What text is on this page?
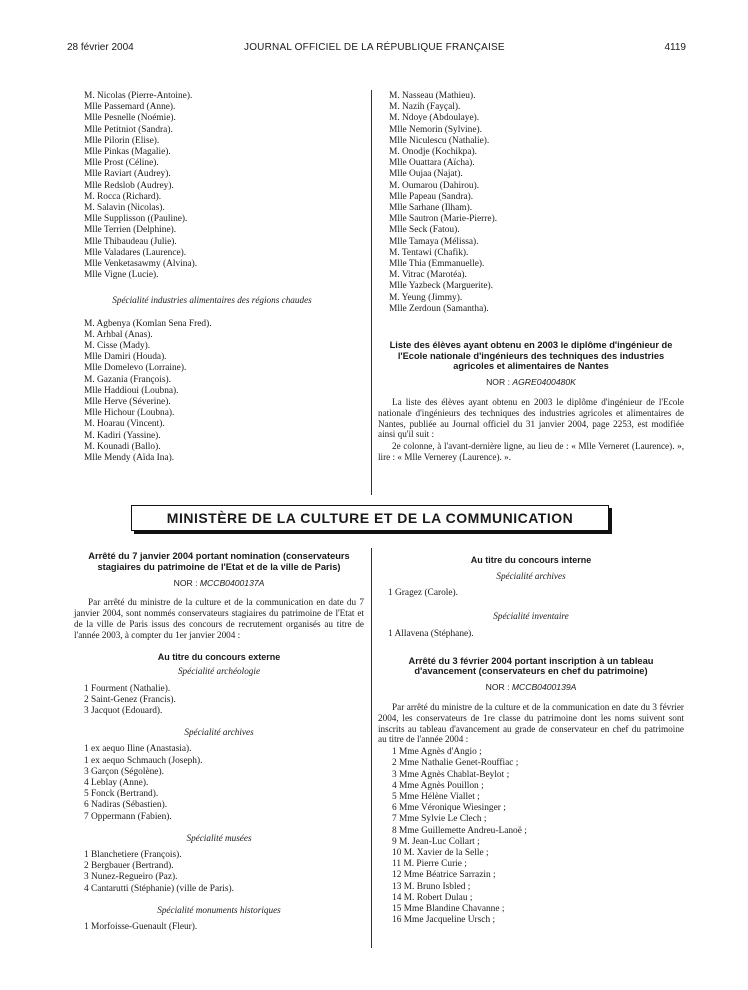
28 février 2004	JOURNAL OFFICIEL DE LA RÉPUBLIQUE FRANÇAISE	4119
M. Nicolas (Pierre-Antoine).
Mlle Passemard (Anne).
Mlle Pesnelle (Noémie).
Mlle Petitniot (Sandra).
Mlle Pilorin (Elise).
Mlle Pinkas (Magalie).
Mlle Prost (Céline).
Mlle Raviart (Audrey).
Mlle Redslob (Audrey).
M. Rocca (Richard).
M. Salavin (Nicolas).
Mlle Supplisson ((Pauline).
Mlle Terrien (Delphine).
Mlle Thibaudeau (Julie).
Mlle Valadares (Laurence).
Mlle Venketasawmy (Alvina).
Mlle Vigne (Lucie).
Spécialité industries alimentaires des régions chaudes
M. Agbenya (Komlan Sena Fred).
M. Arhbal (Anas).
M. Cisse (Mady).
Mlle Damiri (Houda).
Mlle Domelevo (Lorraine).
M. Gazania (François).
Mlle Haddioui (Loubna).
Mlle Herve (Séverine).
Mlle Hichour (Loubna).
M. Hoarau (Vincent).
M. Kadiri (Yassine).
M. Kounadi (Ballo).
Mlle Mendy (Aïda Ina).
M. Nasseau (Mathieu).
M. Nazih (Fayçal).
M. Ndoye (Abdoulaye).
Mlle Nemorin (Sylvine).
Mlle Niculescu (Nathalie).
M. Onodje (Kochikpa).
Mlle Ouattara (Aïcha).
Mlle Oujaa (Najat).
M. Oumarou (Dahirou).
Mlle Papeau (Sandra).
Mlle Sarhane (Ilham).
Mlle Sautron (Marie-Pierre).
Mlle Seck (Fatou).
Mlle Tamaya (Mélissa).
M. Tentawi (Chafik).
Mlle Thia (Emmanuelle).
M. Vitrac (Marotéa).
Mlle Yazbeck (Marguerite).
M. Yeung (Jimmy).
Mlle Zerdoun (Samantha).
Liste des élèves ayant obtenu en 2003 le diplôme d'ingénieur de l'Ecole nationale d'ingénieurs des techniques des industries agricoles et alimentaires de Nantes
NOR : AGRE0400480K
La liste des élèves ayant obtenu en 2003 le diplôme d'ingénieur de l'Ecole nationale d'ingénieurs des techniques des industries agricoles et alimentaires de Nantes, publiée au Journal officiel du 31 janvier 2004, page 2253, est modifiée ainsi qu'il suit :
2e colonne, à l'avant-dernière ligne, au lieu de : « Mlle Verneret (Laurence). », lire : « Mlle Vernerey (Laurence). ».
MINISTÈRE DE LA CULTURE ET DE LA COMMUNICATION
Arrêté du 7 janvier 2004 portant nomination (conservateurs stagiaires du patrimoine de l'Etat et de la ville de Paris)
NOR : MCCB0400137A
Par arrêté du ministre de la culture et de la communication en date du 7 janvier 2004, sont nommés conservateurs stagiaires du patrimoine de l'Etat et de la ville de Paris issus des concours de recrutement organisés au titre de l'année 2003, à compter du 1er janvier 2004 :
Au titre du concours externe
Spécialité archéologie
1 Fourment (Nathalie).
2 Saint-Genez (Francis).
3 Jacquot (Edouard).
Spécialité archives
1 ex aequo Iline (Anastasia).
1 ex aequo Schmauch (Joseph).
3 Garçon (Ségolène).
4 Leblay (Anne).
5 Fonck (Bertrand).
6 Nadiras (Sébastien).
7 Oppermann (Fabien).
Spécialité musées
1 Blanchetiere (François).
2 Bergbauer (Bertrand).
3 Nunez-Regueiro (Paz).
4 Cantarutti (Stéphanie) (ville de Paris).
Spécialité monuments historiques
1 Morfoisse-Guenault (Fleur).
Au titre du concours interne
Spécialité archives
1 Gragez (Carole).
Spécialité inventaire
1 Allavena (Stéphane).
Arrêté du 3 février 2004 portant inscription à un tableau d'avancement (conservateurs en chef du patrimoine)
NOR : MCCB0400139A
Par arrêté du ministre de la culture et de la communication en date du 3 février 2004, les conservateurs de 1re classe du patrimoine dont les noms suivent sont inscrits au tableau d'avancement au grade de conservateur en chef du patrimoine au titre de l'année 2004 :
1 Mme Agnès d'Angio ;
2 Mme Nathalie Genet-Rouffiac ;
3 Mme Agnès Chablat-Beylot ;
4 Mme Agnès Pouillon ;
5 Mme Hélène Viallet ;
6 Mme Véronique Wiesinger ;
7 Mme Sylvie Le Clech ;
8 Mme Guillemette Andreu-Lanoë ;
9 M. Jean-Luc Collart ;
10 M. Xavier de la Selle ;
11 M. Pierre Curie ;
12 Mme Béatrice Sarrazin ;
13 M. Bruno Isbled ;
14 M. Robert Dulau ;
15 Mme Blandine Chavanne ;
16 Mme Jacqueline Ursch ;
